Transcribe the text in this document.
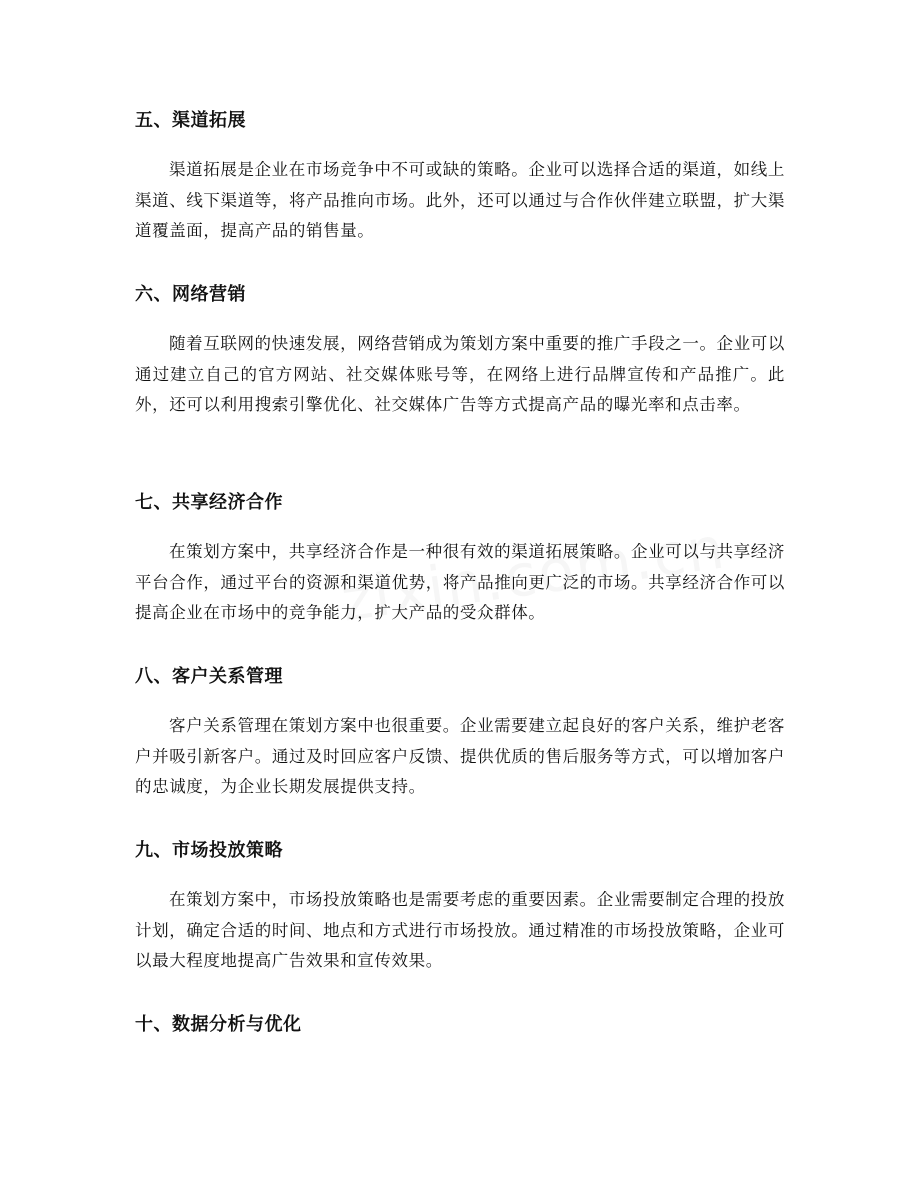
五、渠道拓展

渠道拓展是企业在市场竞争中不可或缺的策略。企业可以选择合适的渠道，如线上渠道、线下渠道等，将产品推向市场。此外，还可以通过与合作伙伴建立联盟，扩大渠道覆盖面，提高产品的销售量。

六、网络营销

随着互联网的快速发展，网络营销成为策划方案中重要的推广手段之一。企业可以通过建立自己的官方网站、社交媒体账号等，在网络上进行品牌宣传和产品推广。此外，还可以利用搜索引擎优化、社交媒体广告等方式提高产品的曝光率和点击率。

七、共享经济合作

在策划方案中，共享经济合作是一种很有效的渠道拓展策略。企业可以与共享经济平台合作，通过平台的资源和渠道优势，将产品推向更广泛的市场。共享经济合作可以提高企业在市场中的竞争能力，扩大产品的受众群体。

八、客户关系管理

客户关系管理在策划方案中也很重要。企业需要建立起良好的客户关系，维护老客户并吸引新客户。通过及时回应客户反馈、提供优质的售后服务等方式，可以增加客户的忠诚度，为企业长期发展提供支持。

九、市场投放策略

在策划方案中，市场投放策略也是需要考虑的重要因素。企业需要制定合理的投放计划，确定合适的时间、地点和方式进行市场投放。通过精准的市场投放策略，企业可以最大程度地提高广告效果和宣传效果。

十、数据分析与优化
